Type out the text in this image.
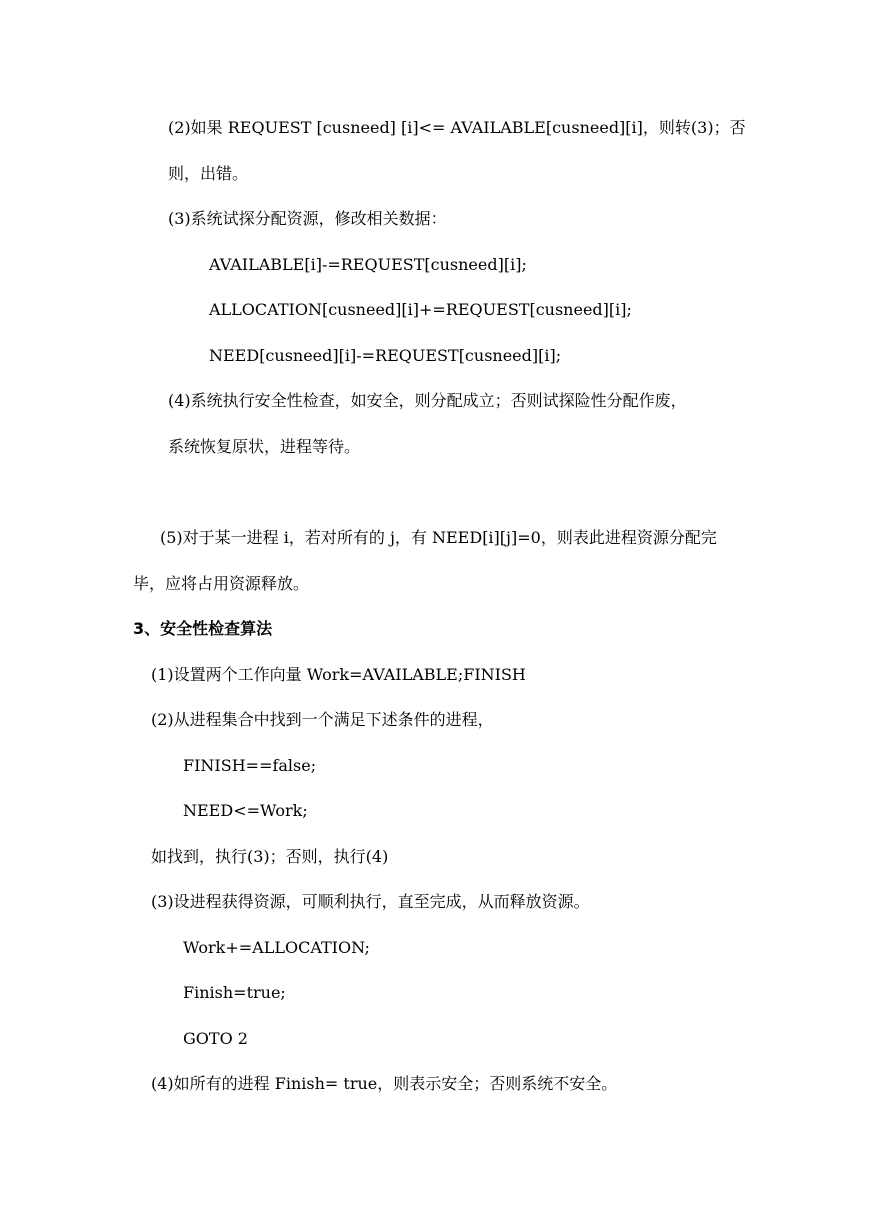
(2)如果 REQUEST [cusneed] [i]<= AVAILABLE[cusneed][i]，则转(3)；否
则，出错。
(3)系统试探分配资源，修改相关数据：
AVAILABLE[i]-=REQUEST[cusneed][i];
ALLOCATION[cusneed][i]+=REQUEST[cusneed][i];
NEED[cusneed][i]-=REQUEST[cusneed][i];
(4)系统执行安全性检查，如安全，则分配成立；否则试探险性分配作废，
系统恢复原状，进程等待。
(5)对于某一进程 i，若对所有的 j，有 NEED[i][j]=0，则表此进程资源分配完
毕，应将占用资源释放。
3、安全性检查算法
(1)设置两个工作向量 Work=AVAILABLE;FINISH
(2)从进程集合中找到一个满足下述条件的进程，
FINISH==false;
NEED<=Work;
如找到，执行(3)；否则，执行(4)
(3)设进程获得资源，可顺利执行，直至完成，从而释放资源。
Work+=ALLOCATION;
Finish=true;
GOTO 2
(4)如所有的进程 Finish= true，则表示安全；否则系统不安全。
